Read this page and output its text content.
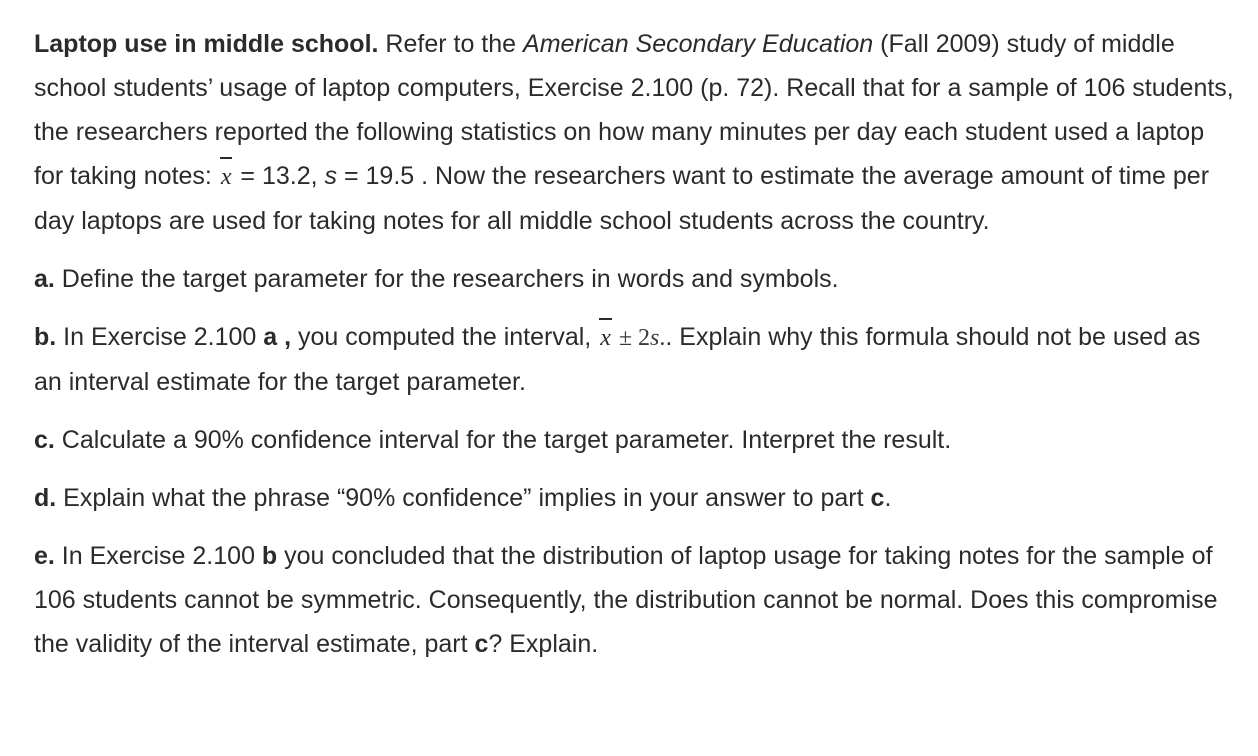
Laptop use in middle school. Refer to the American Secondary Education (Fall 2009) study of middle school students’ usage of laptop computers, Exercise 2.100 (p. 72). Recall that for a sample of 106 students, the researchers reported the following statistics on how many minutes per day each student used a laptop for taking notes: x = 13.2, s = 19.5 . Now the researchers want to estimate the average amount of time per day laptops are used for taking notes for all middle school students across the country.

a. Define the target parameter for the researchers in words and symbols.

b. In Exercise 2.100 a , you computed the interval, x ± 2s.. Explain why this formula should not be used as an interval estimate for the target parameter.

c. Calculate a 90% confidence interval for the target parameter. Interpret the result.

d. Explain what the phrase “90% confidence” implies in your answer to part c.

e. In Exercise 2.100 b you concluded that the distribution of laptop usage for taking notes for the sample of 106 students cannot be symmetric. Consequently, the distribution cannot be normal. Does this compromise the validity of the interval estimate, part c? Explain.
